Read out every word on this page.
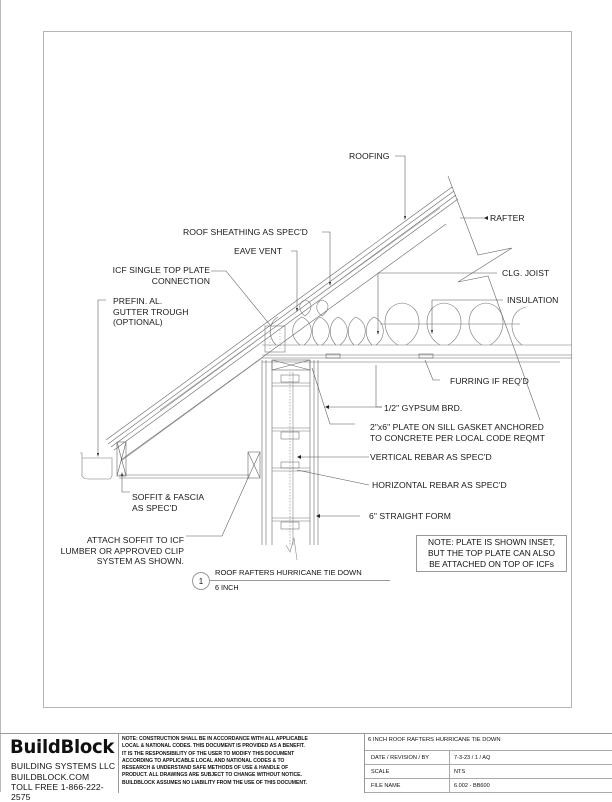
ROOFING
RAFTER
ROOF SHEATHING AS SPEC'D
EAVE VENT
ICF SINGLE TOP PLATE
CONNECTION
CLG. JOIST
INSULATION
PREFIN. AL.
GUTTER TROUGH
(OPTIONAL)
FURRING IF REQ'D
1/2" GYPSUM BRD.
2"x6" PLATE ON SILL GASKET ANCHORED
TO CONCRETE PER LOCAL CODE REQMT
VERTICAL REBAR AS SPEC'D
HORIZONTAL REBAR AS SPEC'D
SOFFIT & FASCIA
AS SPEC'D
6" STRAIGHT FORM
ATTACH SOFFIT TO ICF
LUMBER OR APPROVED CLIP
SYSTEM AS SHOWN.
NOTE: PLATE IS SHOWN INSET,
BUT THE TOP PLATE CAN ALSO
BE ATTACHED ON TOP OF ICFs
1
ROOF RAFTERS HURRICANE TIE DOWN
6 INCH
BuildBlock
BUILDING SYSTEMS LLC
BUILDBLOCK.COM
TOLL FREE 1-866-222-2575
NOTE: CONSTRUCTION SHALL BE IN ACCORDANCE WITH ALL APPLICABLE
LOCAL & NATIONAL CODES. THIS DOCUMENT IS PROVIDED AS A BENEFIT.
IT IS THE RESPONSIBILITY OF THE USER TO MODIFY THIS DOCUMENT
ACCORDING TO APPLICABLE LOCAL AND NATIONAL CODES & TO
RESEARCH & UNDERSTAND SAFE METHODS OF USE & HANDLE OF
PRODUCT. ALL DRAWINGS ARE SUBJECT TO CHANGE WITHOUT NOTICE.
BUILDBLOCK ASSUMES NO LIABILITY FROM THE USE OF THIS DOCUMENT.
6 INCH ROOF RAFTERS HURRICANE TIE DOWN
DATE / REVISION / BY	7-3-23 / 1 / AQ
SCALE	NTS
FILE NAME	6.002 - BB600
